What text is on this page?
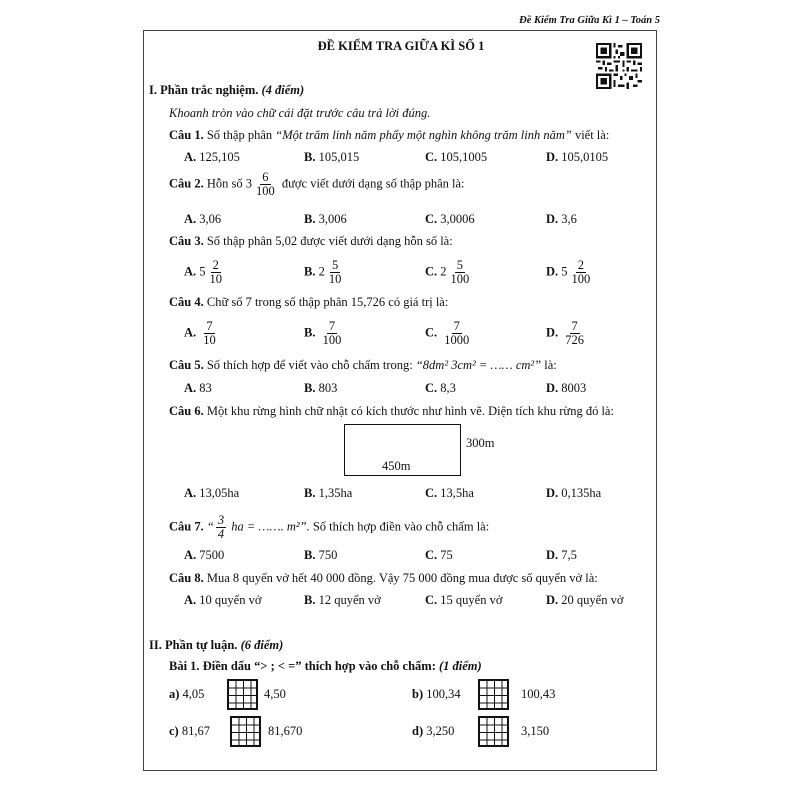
Đề Kiểm Tra Giữa Kì 1 – Toán 5
ĐỀ KIỂM TRA GIỮA KÌ SỐ 1
I. Phần trắc nghiệm. (4 điểm)
Khoanh tròn vào chữ cái đặt trước câu trả lời đúng.
Câu 1. Số thập phân “Một trăm linh năm phẩy một nghìn không trăm linh năm” viết là:
A. 125,105	B. 105,015	C. 105,1005	D. 105,0105
Câu 2. Hỗn số $3 \frac{6}{100}$ được viết dưới dạng số thập phân là:
A. 3,06	B. 3,006	C. 3,0006	D. 3,6
Câu 3. Số thập phân 5,02 được viết dưới dạng hỗn số là:
A. $5 \frac{2}{10}$	B. $2 \frac{5}{10}$	C. $2 \frac{5}{100}$	D. $5 \frac{2}{100}$
Câu 4. Chữ số 7 trong số thập phân 15,726 có giá trị là:
A. $\frac{7}{10}$	B. $\frac{7}{100}$	C. $\frac{7}{1000}$	D. $\frac{7}{726}$
Câu 5. Số thích hợp để viết vào chỗ chấm trong: “8dm² 3cm² = …… cm²” là:
A. 83	B. 803	C. 8,3	D. 8003
Câu 6. Một khu rừng hình chữ nhật có kích thước như hình vẽ. Diện tích khu rừng đó là:
300m
450m
A. 13,05ha	B. 1,35ha	C. 13,5ha	D. 0,135ha
Câu 7. “ $\frac{3}{4}$ ha = ……. m²”. Số thích hợp điền vào chỗ chấm là:
A. 7500	B. 750	C. 75	D. 7,5
Câu 8. Mua 8 quyển vở hết 40 000 đồng. Vậy 75 000 đồng mua được số quyển vở là:
A. 10 quyển vở	B. 12 quyển vở	C. 15 quyển vở	D. 20 quyển vở
II. Phần tự luận. (6 điểm)
Bài 1. Điền dấu “> ; < =” thích hợp vào chỗ chấm: (1 điểm)
a) 4,05	4,50	b) 100,34	100,43
c) 81,67	81,670	d) 3,250	3,150
